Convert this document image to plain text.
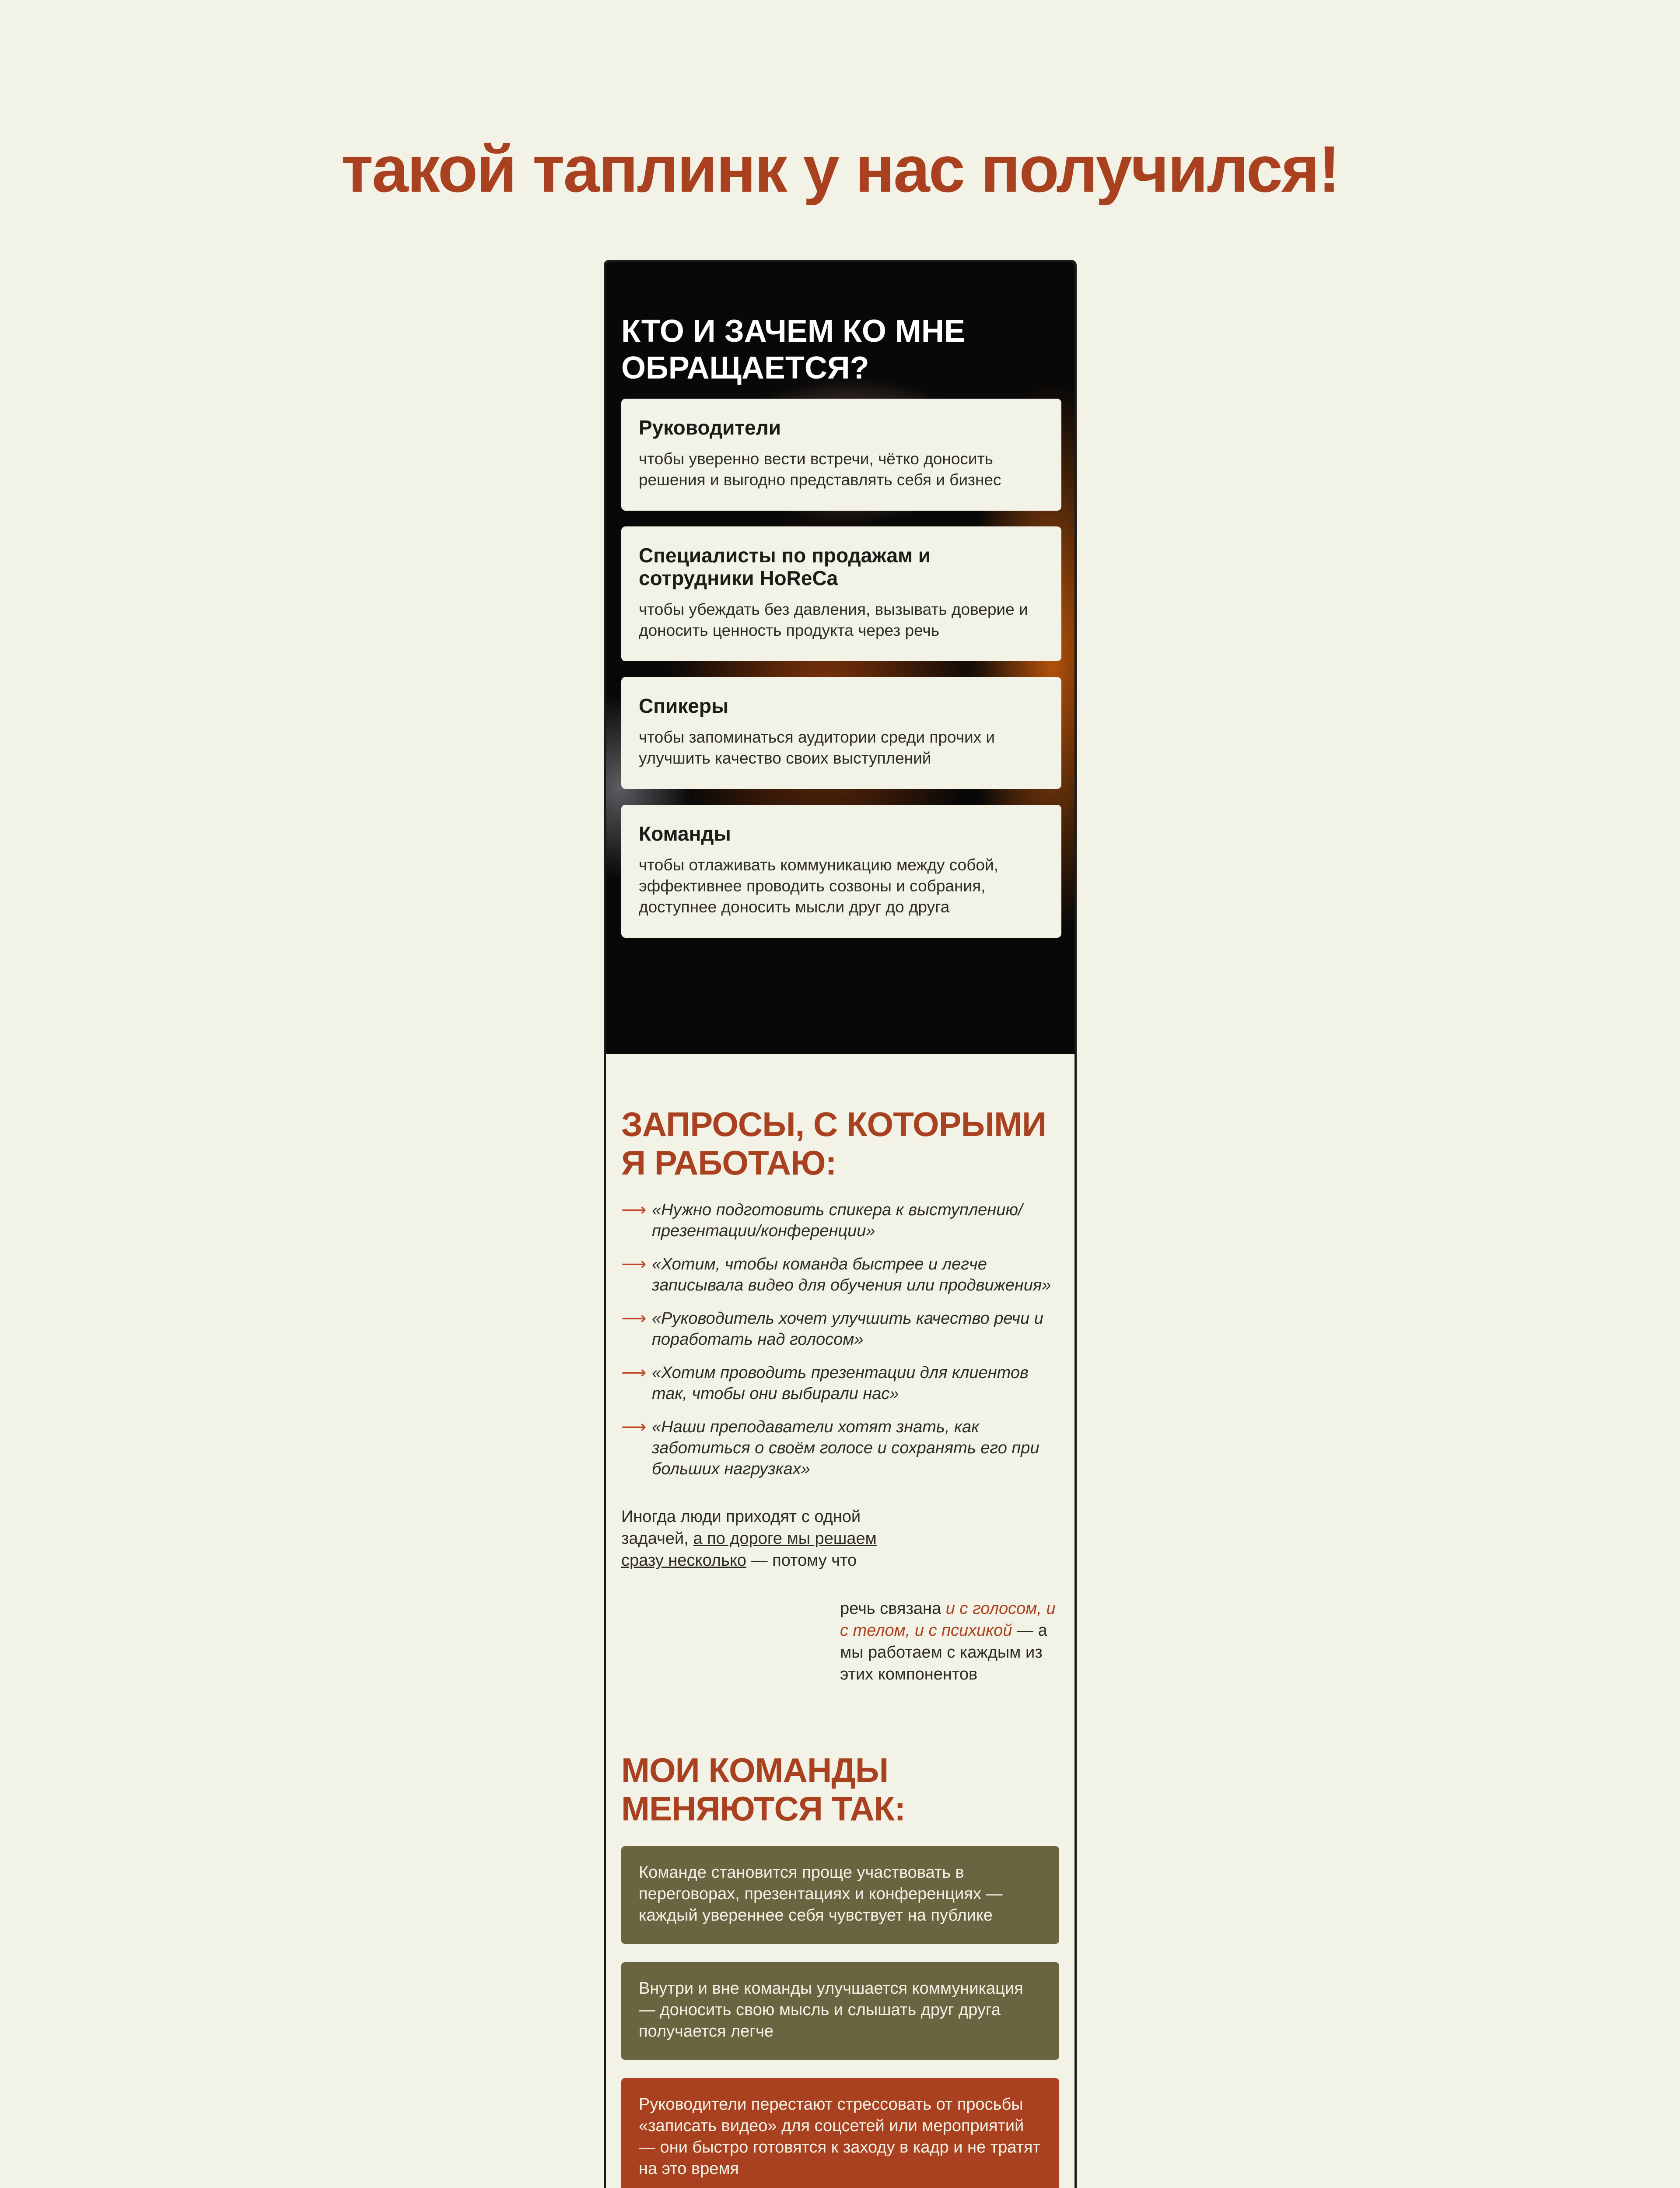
такой таплинк у нас получился!
КТО И ЗАЧЕМ КО МНЕ ОБРАЩАЕТСЯ?
Руководители
чтобы уверенно вести встречи, чётко доносить решения и выгодно представлять себя и бизнес
Специалисты по продажам и сотрудники HoReCa
чтобы убеждать без давления, вызывать доверие и доносить ценность продукта через речь
Спикеры
чтобы запоминаться аудитории среди прочих и улучшить качество своих выступлений
Команды
чтобы отлаживать коммуникацию между собой, эффективнее проводить созвоны и собрания, доступнее доносить мысли друг до друга
ЗАПРОСЫ, С КОТОРЫМИ Я РАБОТАЮ:
⟶ «Нужно подготовить спикера к выступлению/презентации/конференции»
⟶ «Хотим, чтобы команда быстрее и легче записывала видео для обучения или продвижения»
⟶ «Руководитель хочет улучшить качество речи и поработать над голосом»
⟶ «Хотим проводить презентации для клиентов так, чтобы они выбирали нас»
⟶ «Наши преподаватели хотят знать, как заботиться о своём голосе и сохранять его при больших нагрузках»

Иногда люди приходят с одной задачей, а по дороге мы решаем сразу несколько — потому что

речь связана и с голосом, и с телом, и с психикой — а мы работаем с каждым из этих компонентов

МОИ КОМАНДЫ МЕНЯЮТСЯ ТАК:
Команде становится проще участвовать в переговорах, презентациях и конференциях — каждый увереннее себя чувствует на публике
Внутри и вне команды улучшается коммуникация — доносить свою мысль и слышать друг друга получается легче
Руководители перестают стрессовать от просьбы «записать видео» для соцсетей или мероприятий — они быстро готовятся к заходу в кадр и не тратят на это время
